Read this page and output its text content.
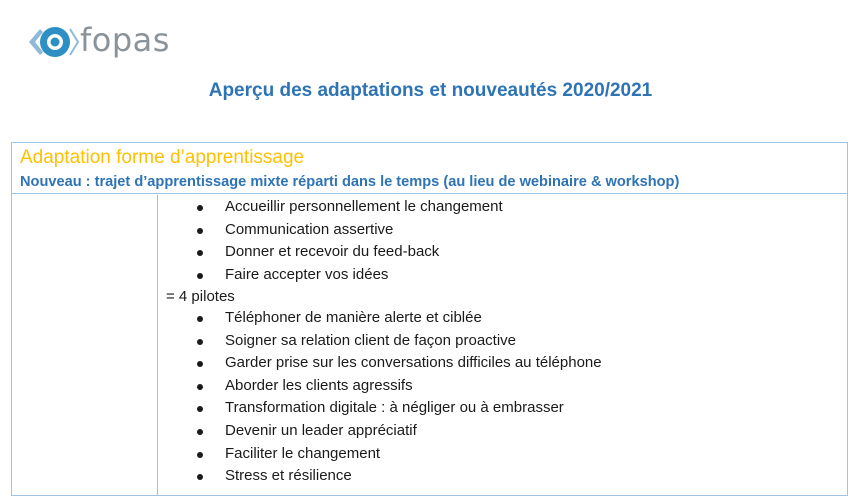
fopas
Aperçu des adaptations et nouveautés 2020/2021
Adaptation forme d’apprentissage
Nouveau : trajet d’apprentissage mixte réparti dans le temps (au lieu de webinaire & workshop)
Accueillir personnellement le changement
Communication assertive
Donner et recevoir du feed-back
Faire accepter vos idées
= 4 pilotes
Téléphoner de manière alerte et ciblée
Soigner sa relation client de façon proactive
Garder prise sur les conversations difficiles au téléphone
Aborder les clients agressifs
Transformation digitale : à négliger ou à embrasser
Devenir un leader appréciatif
Faciliter le changement
Stress et résilience
